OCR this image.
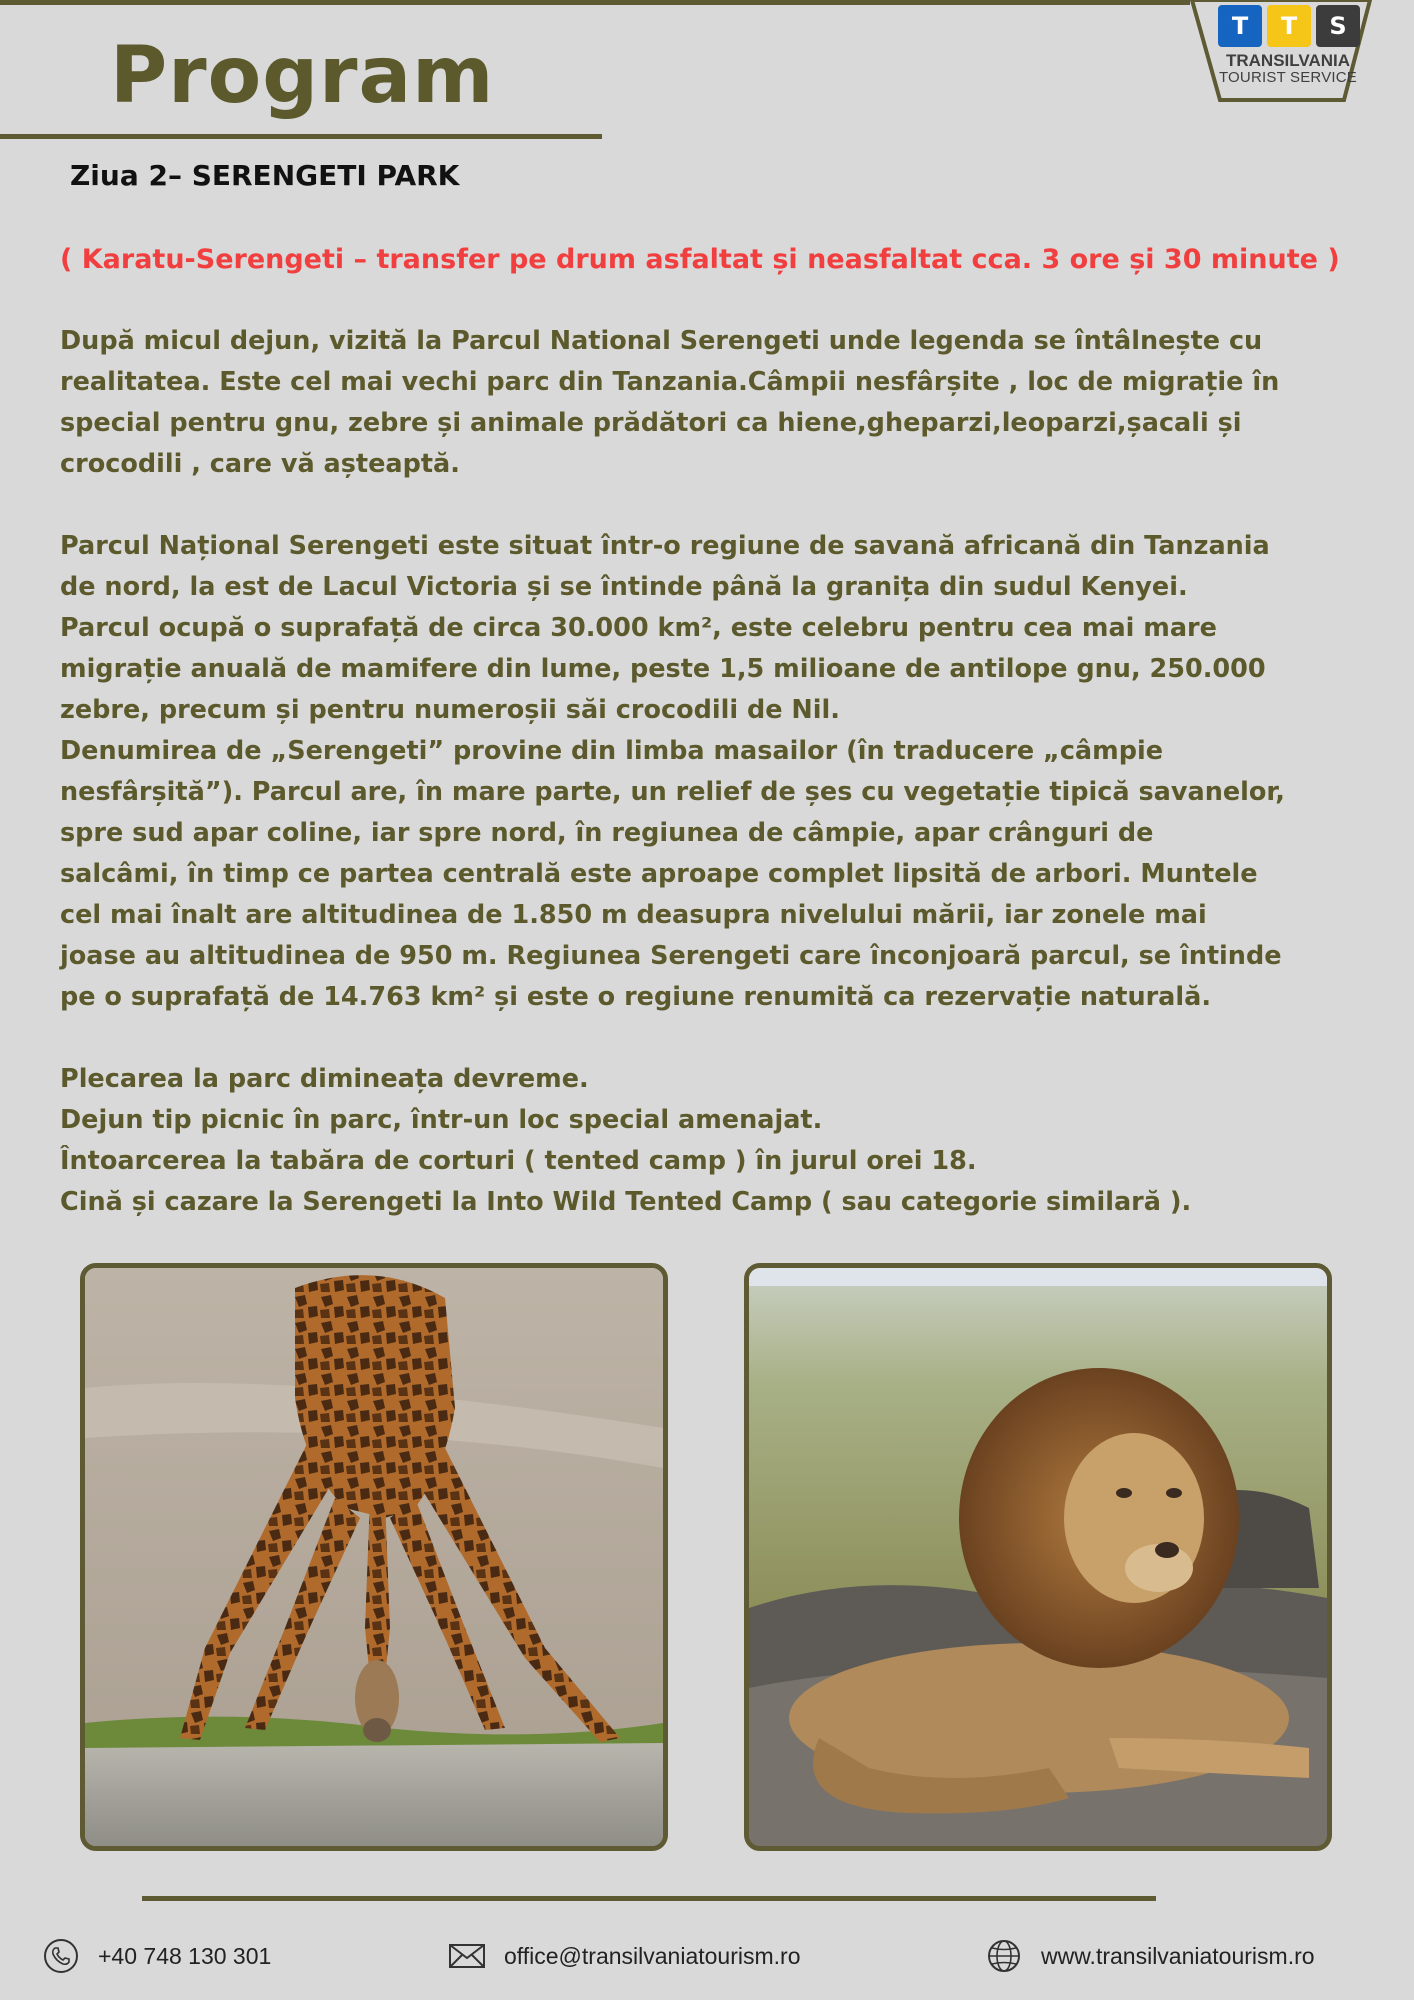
T	T	S
TRANSILVANIA
TOURIST SERVICE
Program
Ziua 2– SERENGETI PARK
( Karatu-Serengeti – transfer pe drum asfaltat și neasfaltat cca. 3 ore și 30 minute )
După micul dejun, vizită la Parcul National Serengeti unde legenda se întâlnește cu
realitatea. Este cel mai vechi parc din Tanzania.Câmpii nesfârșite , loc de migrație în
special pentru gnu, zebre și animale prădători ca hiene,gheparzi,leoparzi,șacali și
crocodili , care vă așteaptă.
Parcul Național Serengeti este situat într-o regiune de savană africană din Tanzania
de nord, la est de Lacul Victoria și se întinde până la granița din sudul Kenyei.
Parcul ocupă o suprafață de circa 30.000 km², este celebru pentru cea mai mare
migrație anuală de mamifere din lume, peste 1,5 milioane de antilope gnu, 250.000
zebre, precum și pentru numeroșii săi crocodili de Nil.
Denumirea de „Serengeti” provine din limba masailor (în traducere „câmpie
nesfârșită”). Parcul are, în mare parte, un relief de șes cu vegetație tipică savanelor,
spre sud apar coline, iar spre nord, în regiunea de câmpie, apar crânguri de
salcâmi, în timp ce partea centrală este aproape complet lipsită de arbori. Muntele
cel mai înalt are altitudinea de 1.850 m deasupra nivelului mării, iar zonele mai
joase au altitudinea de 950 m. Regiunea Serengeti care înconjoară parcul, se întinde
pe o suprafață de 14.763 km² și este o regiune renumită ca rezervație naturală.
Plecarea la parc dimineața devreme.
Dejun tip picnic în parc, într-un loc special amenajat.
Întoarcerea la tabăra de corturi ( tented camp ) în jurul orei 18.
Cină și cazare la Serengeti la Into Wild Tented Camp ( sau categorie similară ).
+40 748 130 301	office@transilvaniatourism.ro	www.transilvaniatourism.ro
